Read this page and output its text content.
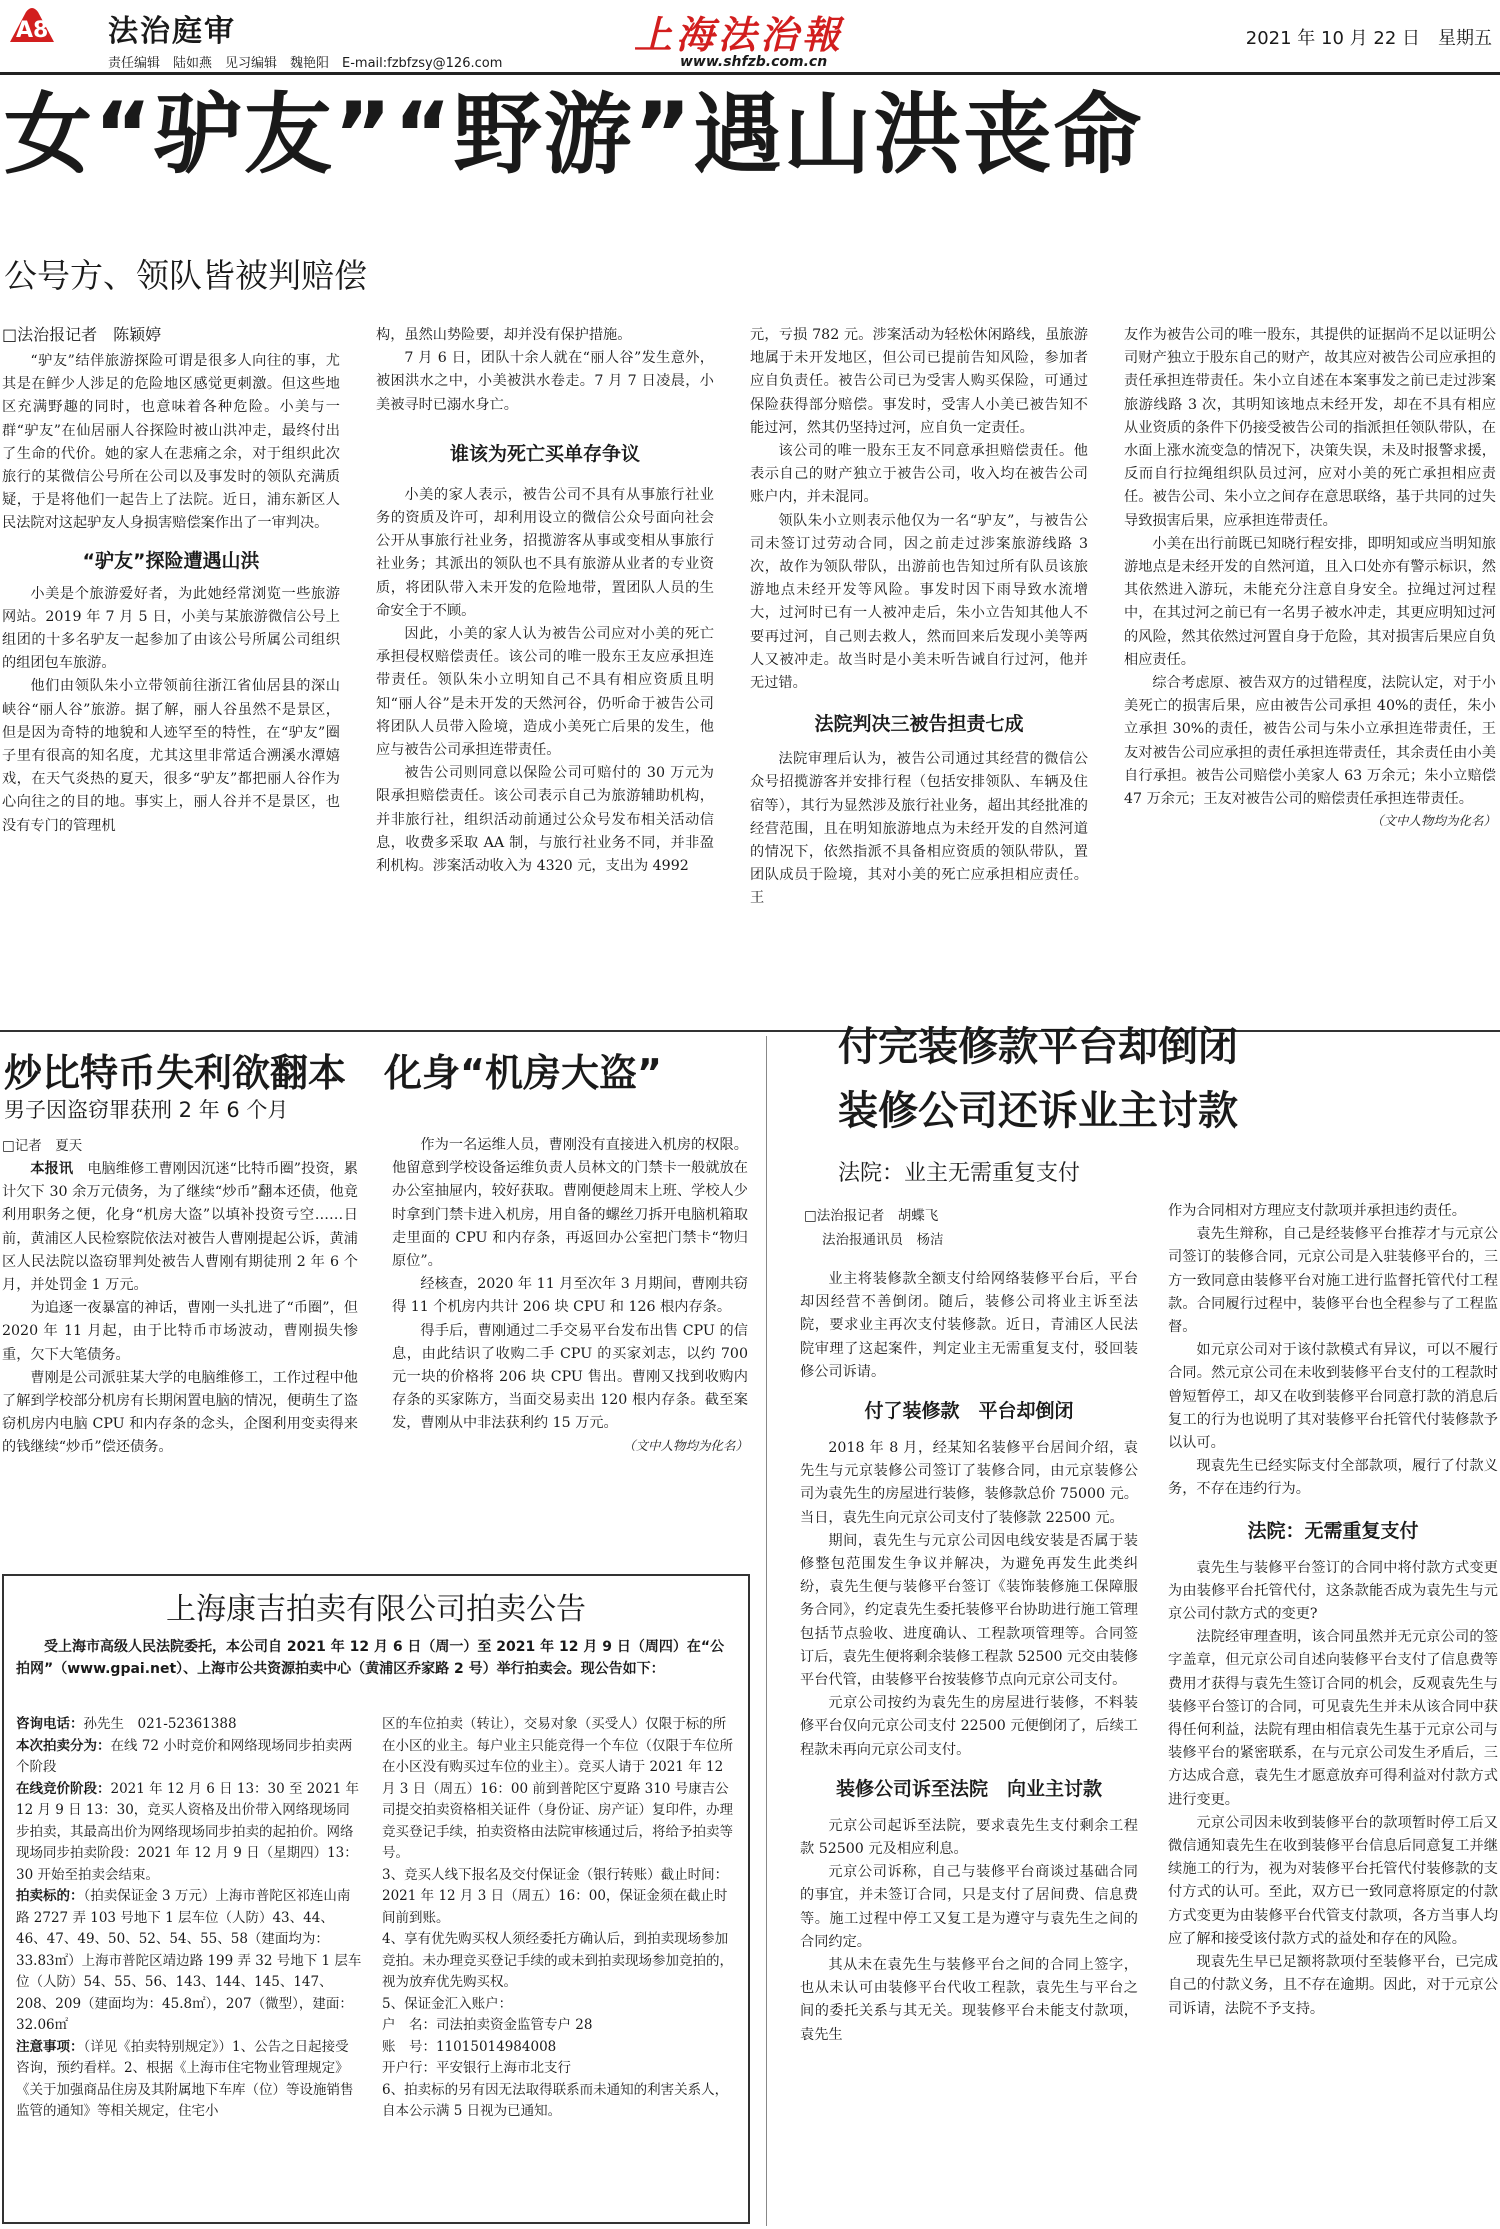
A8 法治庭审
责任编辑　陆如燕　见习编辑　魏艳阳　E-mail:fzbfzsy@126.com
上海法治報
www.shfzb.com.cn
2021 年 10 月 22 日　星期五
女“驴友”“野游”遇山洪丧命
公号方、领队皆被判赔偿
□法治报记者　陈颖婷

“驴友”结伴旅游探险可谓是很多人向往的事，尤其是在鲜少人涉足的危险地区感觉更刺激。但这些地区充满野趣的同时，也意味着各种危险。小美与一群“驴友”在仙居丽人谷探险时被山洪冲走，最终付出了生命的代价。她的家人在悲痛之余，对于组织此次旅行的某微信公号所在公司以及事发时的领队充满质疑，于是将他们一起告上了法院。近日，浦东新区人民法院对这起驴友人身损害赔偿案作出了一审判决。

“驴友”探险遭遇山洪

小美是个旅游爱好者，为此她经常浏览一些旅游网站。2019 年 7 月 5 日，小美与某旅游微信公号上组团的十多名驴友一起参加了由该公号所属公司组织的组团包车旅游。

他们由领队朱小立带领前往浙江省仙居县的深山峡谷“丽人谷”旅游。据了解，丽人谷虽然不是景区，但是因为奇特的地貌和人迹罕至的特性，在“驴友”圈子里有很高的知名度，尤其这里非常适合溯溪水潭嬉戏，在天气炎热的夏天，很多“驴友”都把丽人谷作为心向往之的目的地。事实上，丽人谷并不是景区，也没有专门的管理机

构，虽然山势险要，却并没有保护措施。

7 月 6 日，团队十余人就在“丽人谷”发生意外，被困洪水之中，小美被洪水卷走。7 月 7 日凌晨，小美被寻时已溺水身亡。

谁该为死亡买单存争议

小美的家人表示，被告公司不具有从事旅行社业务的资质及许可，却利用设立的微信公众号面向社会公开从事旅行社业务，招揽游客从事或变相从事旅行社业务；其派出的领队也不具有旅游从业者的专业资质，将团队带入未开发的危险地带，置团队人员的生命安全于不顾。

因此，小美的家人认为被告公司应对小美的死亡承担侵权赔偿责任。该公司的唯一股东王友应承担连带责任。领队朱小立明知自己不具有相应资质且明知“丽人谷”是未开发的天然河谷，仍听命于被告公司将团队人员带入险境，造成小美死亡后果的发生，他应与被告公司承担连带责任。

被告公司则同意以保险公司可赔付的 30 万元为限承担赔偿责任。该公司表示自己为旅游辅助机构，并非旅行社，组织活动前通过公众号发布相关活动信息，收费多采取 AA 制，与旅行社业务不同，并非盈利机构。涉案活动收入为 4320 元，支出为 4992

元，亏损 782 元。涉案活动为轻松休闲路线，虽旅游地属于未开发地区，但公司已提前告知风险，参加者应自负责任。被告公司已为受害人购买保险，可通过保险获得部分赔偿。事发时，受害人小美已被告知不能过河，然其仍坚持过河，应自负一定责任。

该公司的唯一股东王友不同意承担赔偿责任。他表示自己的财产独立于被告公司，收入均在被告公司账户内，并未混同。

领队朱小立则表示他仅为一名“驴友”，与被告公司未签订过劳动合同，因之前走过涉案旅游线路 3 次，故作为领队带队，出游前也告知过所有队员该旅游地点未经开发等风险。事发时因下雨导致水流增大，过河时已有一人被冲走后，朱小立告知其他人不要再过河，自己则去救人，然而回来后发现小美等两人又被冲走。故当时是小美未听告诫自行过河，他并无过错。

法院判决三被告担责七成

法院审理后认为，被告公司通过其经营的微信公众号招揽游客并安排行程（包括安排领队、车辆及住宿等），其行为显然涉及旅行社业务，超出其经批准的经营范围，且在明知旅游地点为未经开发的自然河道的情况下，依然指派不具备相应资质的领队带队，置团队成员于险境，其对小美的死亡应承担相应责任。王

友作为被告公司的唯一股东，其提供的证据尚不足以证明公司财产独立于股东自己的财产，故其应对被告公司应承担的责任承担连带责任。朱小立自述在本案事发之前已走过涉案旅游线路 3 次，其明知该地点未经开发，却在不具有相应从业资质的条件下仍接受被告公司的指派担任领队带队，在水面上涨水流变急的情况下，决策失误，未及时报警求援，反而自行拉绳组织队员过河，应对小美的死亡承担相应责任。被告公司、朱小立之间存在意思联络，基于共同的过失导致损害后果，应承担连带责任。

小美在出行前既已知晓行程安排，即明知或应当明知旅游地点是未经开发的自然河道，且入口处亦有警示标识，然其依然进入游玩，未能充分注意自身安全。拉绳过河过程中，在其过河之前已有一名男子被水冲走，其更应明知过河的风险，然其依然过河置自身于危险，其对损害后果应自负相应责任。

综合考虑原、被告双方的过错程度，法院认定，对于小美死亡的损害后果，应由被告公司承担 40%的责任，朱小立承担 30%的责任，被告公司与朱小立承担连带责任，王友对被告公司应承担的责任承担连带责任，其余责任由小美自行承担。被告公司赔偿小美家人 63 万余元；朱小立赔偿 47 万余元；王友对被告公司的赔偿责任承担连带责任。

（文中人物均为化名）
炒比特币失利欲翻本　化身“机房大盗”
男子因盗窃罪获刑 2 年 6 个月
□记者　夏天

本报讯　 电脑维修工曹刚因沉迷“比特币圈”投资，累计欠下 30 余万元债务，为了继续“炒币”翻本还债，他竟利用职务之便，化身“机房大盗”以填补投资亏空……日前，黄浦区人民检察院依法对被告人曹刚提起公诉，黄浦区人民法院以盗窃罪判处被告人曹刚有期徒刑 2 年 6 个月，并处罚金 1 万元。

为追逐一夜暴富的神话，曹刚一头扎进了“币圈”，但 2020 年 11 月起，由于比特币市场波动，曹刚损失惨重，欠下大笔债务。

曹刚是公司派驻某大学的电脑维修工，工作过程中他了解到学校部分机房有长期闲置电脑的情况，便萌生了盗窃机房内电脑 CPU 和内存条的念头，企图利用变卖得来的钱继续“炒币”偿还债务。

作为一名运维人员，曹刚没有直接进入机房的权限。他留意到学校设备运维负责人员林文的门禁卡一般就放在办公室抽屉内，较好获取。曹刚便趁周末上班、学校人少时拿到门禁卡进入机房，用自备的螺丝刀拆开电脑机箱取走里面的 CPU 和内存条，再返回办公室把门禁卡“物归原位”。

经核查，2020 年 11 月至次年 3 月期间，曹刚共窃得 11 个机房内共计 206 块 CPU 和 126 根内存条。

得手后，曹刚通过二手交易平台发布出售 CPU 的信息，由此结识了收购二手 CPU 的买家刘志，以约 700 元一块的价格将 206 块 CPU 售出。曹刚又找到收购内存条的买家陈方，当面交易卖出 120 根内存条。截至案发，曹刚从中非法获利约 15 万元。

（文中人物均为化名）
上海康吉拍卖有限公司拍卖公告
受上海市高级人民法院委托，本公司自 2021 年 12 月 6 日（周一）至 2021 年 12 月 9 日（周四）在“公拍网”（www.gpai.net）、上海市公共资源拍卖中心（黄浦区乔家路 2 号）举行拍卖会。现公告如下：
咨询电话：孙先生　021-52361388
本次拍卖分为：在线 72 小时竞价和网络现场同步拍卖两个阶段
在线竞价阶段：2021 年 12 月 6 日 13：30 至 2021 年 12 月 9 日 13：30，竞买人资格及出价带入网络现场同步拍卖，其最高出价为网络现场同步拍卖的起拍价。网络现场同步拍卖阶段：2021 年 12 月 9 日（星期四）13：30 开始至拍卖会结束。
拍卖标的：（拍卖保证金 3 万元）上海市普陀区祁连山南路 2727 弄 103 号地下 1 层车位（人防）43、44、46、47、49、50、52、54、55、58（建面均为：33.83㎡）上海市普陀区靖边路 199 弄 32 号地下 1 层车位（人防）54、55、56、143、144、145、147、208、209（建面均为：45.8㎡），207（微型），建面：32.06㎡
注意事项：（详见《拍卖特别规定》）1、公告之日起接受咨询，预约看样。2、根据《上海市住宅物业管理规定》《关于加强商品住房及其附属地下车库（位）等设施销售监管的通知》等相关规定，住宅小
区的车位拍卖（转让），交易对象（买受人）仅限于标的所在小区的业主。每户业主只能竞得一个车位（仅限于车位所在小区没有购买过车位的业主）。竞买人请于 2021 年 12 月 3 日（周五）16：00 前到普陀区宁夏路 310 号康吉公司提交拍卖资格相关证件（身份证、房产证）复印件，办理竞买登记手续，拍卖资格由法院审核通过后，将给予拍卖等号。
3、竞买人线下报名及交付保证金（银行转账）截止时间：2021 年 12 月 3 日（周五）16：00，保证金须在截止时间前到账。
4、享有优先购买权人须经委托方确认后，到拍卖现场参加竞拍。未办理竞买登记手续的或未到拍卖现场参加竞拍的，视为放弃优先购买权。
5、保证金汇入账户：
户　名：司法拍卖资金监管专户 28
账　号：11015014984008
开户行：平安银行上海市北支行
6、拍卖标的另有因无法取得联系而未通知的利害关系人，自本公示满 5 日视为已通知。
付完装修款平台却倒闭
装修公司还诉业主讨款
法院：业主无需重复支付
□法治报记者　胡蝶飞
法治报通讯员　杨洁

业主将装修款全额支付给网络装修平台后，平台却因经营不善倒闭。随后，装修公司将业主诉至法院，要求业主再次支付装修款。近日，青浦区人民法院审理了这起案件，判定业主无需重复支付，驳回装修公司诉请。

付了装修款　平台却倒闭

2018 年 8 月，经某知名装修平台居间介绍，袁先生与元京装修公司签订了装修合同，由元京装修公司为袁先生的房屋进行装修，装修款总价 75000 元。当日，袁先生向元京公司支付了装修款 22500 元。

期间，袁先生与元京公司因电线安装是否属于装修整包范围发生争议并解决，为避免再发生此类纠纷，袁先生便与装修平台签订《装饰装修施工保障服务合同》，约定袁先生委托装修平台协助进行施工管理包括节点验收、进度确认、工程款项管理等。合同签订后，袁先生便将剩余装修工程款 52500 元交由装修平台代管，由装修平台按装修节点向元京公司支付。

元京公司按约为袁先生的房屋进行装修，不料装修平台仅向元京公司支付 22500 元便倒闭了，后续工程款未再向元京公司支付。

装修公司诉至法院　向业主讨款

元京公司起诉至法院，要求袁先生支付剩余工程款 52500 元及相应利息。

元京公司诉称，自己与装修平台商谈过基础合同的事宜，并未签订合同，只是支付了居间费、信息费等。施工过程中停工又复工是为遵守与袁先生之间的合同约定。

其从未在袁先生与装修平台之间的合同上签字，也从未认可由装修平台代收工程款，袁先生与平台之间的委托关系与其无关。现装修平台未能支付款项，袁先生

作为合同相对方理应支付款项并承担违约责任。

袁先生辩称，自己是经装修平台推荐才与元京公司签订的装修合同，元京公司是入驻装修平台的，三方一致同意由装修平台对施工进行监督托管代付工程款。合同履行过程中，装修平台也全程参与了工程监督。

如元京公司对于该付款模式有异议，可以不履行合同。然元京公司在未收到装修平台支付的工程款时曾短暂停工，却又在收到装修平台同意打款的消息后复工的行为也说明了其对装修平台托管代付装修款予以认可。

现袁先生已经实际支付全部款项，履行了付款义务，不存在违约行为。

法院：无需重复支付

袁先生与装修平台签订的合同中将付款方式变更为由装修平台托管代付，这条款能否成为袁先生与元京公司付款方式的变更?

法院经审理查明，该合同虽然并无元京公司的签字盖章，但元京公司自述向装修平台支付了信息费等费用才获得与袁先生签订合同的机会，反观袁先生与装修平台签订的合同，可见袁先生并未从该合同中获得任何利益，法院有理由相信袁先生基于元京公司与装修平台的紧密联系，在与元京公司发生矛盾后，三方达成合意，袁先生才愿意放弃可得利益对付款方式进行变更。

元京公司因未收到装修平台的款项暂时停工后又微信通知袁先生在收到装修平台信息后同意复工并继续施工的行为，视为对装修平台托管代付装修款的支付方式的认可。至此，双方已一致同意将原定的付款方式变更为由装修平台代管支付款项，各方当事人均应了解和接受该付款方式的益处和存在的风险。

现袁先生早已足额将款项付至装修平台，已完成自己的付款义务，且不存在逾期。因此，对于元京公司诉请，法院不予支持。
